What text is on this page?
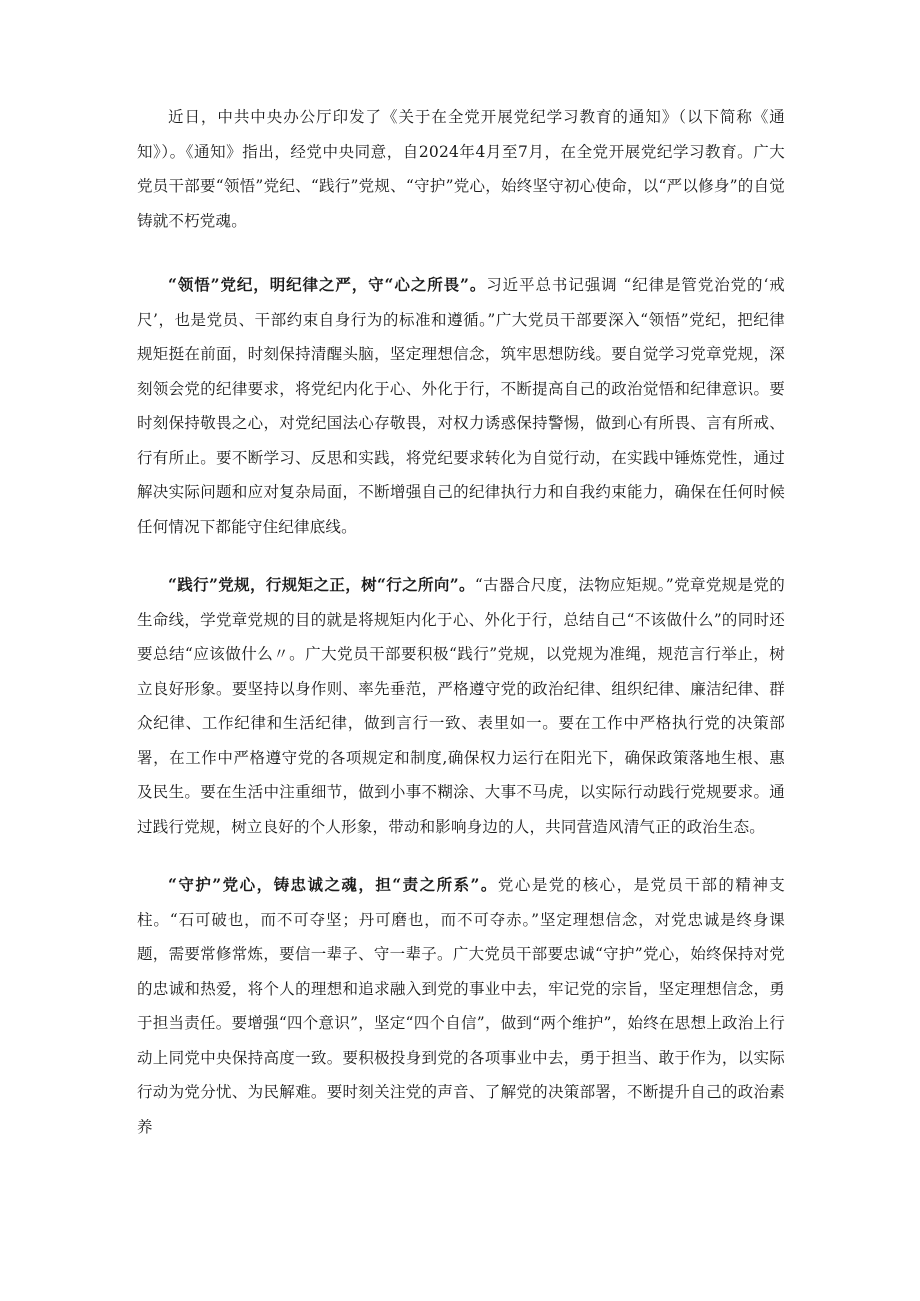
近日，中共中央办公厅印发了《关于在全党开展党纪学习教育的通知》（以下简称《通知》）。《通知》指出，经党中央同意，自2024年4月至7月，在全党开展党纪学习教育。广大党员干部要“领悟”党纪、“践行”党规、“守护”党心，始终坚守初心使命，以“严以修身”的自觉铸就不朽党魂。

“领悟”党纪，明纪律之严，守“心之所畏”。习近平总书记强调 “纪律是管党治党的‘戒尺’，也是党员、干部约束自身行为的标准和遵循。”广大党员干部要深入“领悟”党纪，把纪律规矩挺在前面，时刻保持清醒头脑，坚定理想信念，筑牢思想防线。要自觉学习党章党规，深刻领会党的纪律要求，将党纪内化于心、外化于行，不断提高自己的政治觉悟和纪律意识。要时刻保持敬畏之心，对党纪国法心存敬畏，对权力诱惑保持警惕，做到心有所畏、言有所戒、行有所止。要不断学习、反思和实践，将党纪要求转化为自觉行动，在实践中锤炼党性，通过解决实际问题和应对复杂局面，不断增强自己的纪律执行力和自我约束能力，确保在任何时候任何情况下都能守住纪律底线。

“践行”党规，行规矩之正，树“行之所向”。“古器合尺度，法物应矩规。”党章党规是党的生命线，学党章党规的目的就是将规矩内化于心、外化于行，总结自己“不该做什么”的同时还要总结“应该做什么〃。广大党员干部要积极“践行”党规，以党规为准绳，规范言行举止，树立良好形象。要坚持以身作则、率先垂范，严格遵守党的政治纪律、组织纪律、廉洁纪律、群众纪律、工作纪律和生活纪律，做到言行一致、表里如一。要在工作中严格执行党的决策部署，在工作中严格遵守党的各项规定和制度,确保权力运行在阳光下，确保政策落地生根、惠及民生。要在生活中注重细节，做到小事不糊涂、大事不马虎，以实际行动践行党规要求。通过践行党规，树立良好的个人形象，带动和影响身边的人，共同营造风清气正的政治生态。

“守护”党心，铸忠诚之魂，担“责之所系”。党心是党的核心，是党员干部的精神支柱。“石可破也，而不可夺坚；丹可磨也，而不可夺赤。”坚定理想信念，对党忠诚是终身课题，需要常修常炼，要信一辈子、守一辈子。广大党员干部要忠诚“守护”党心，始终保持对党的忠诚和热爱，将个人的理想和追求融入到党的事业中去，牢记党的宗旨，坚定理想信念，勇于担当责任。要增强“四个意识”，坚定“四个自信”，做到“两个维护”，始终在思想上政治上行动上同党中央保持高度一致。要积极投身到党的各项事业中去，勇于担当、敢于作为，以实际行动为党分忧、为民解难。要时刻关注党的声音、了解党的决策部署，不断提升自己的政治素养
